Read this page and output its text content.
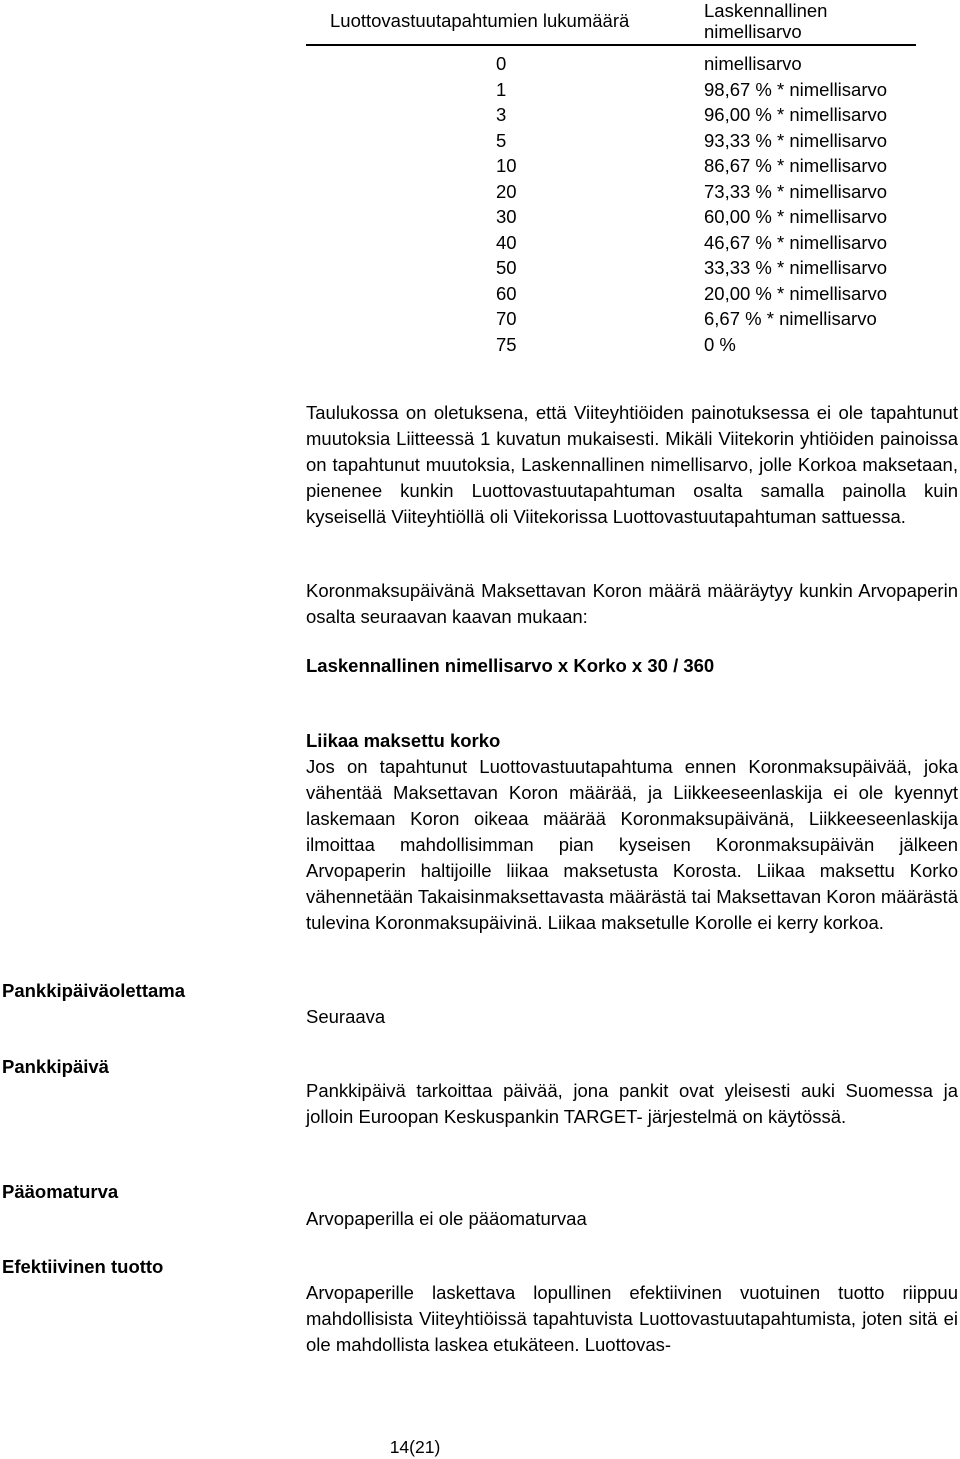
Luottovastuutapahtumien lukumäärä	Laskennallinen nimellisarvo
0	nimellisarvo
1	98,67 % * nimellisarvo
3	96,00 % * nimellisarvo
5	93,33 % * nimellisarvo
10	86,67 % * nimellisarvo
20	73,33 % * nimellisarvo
30	60,00 % * nimellisarvo
40	46,67 % * nimellisarvo
50	33,33 % * nimellisarvo
60	20,00 % * nimellisarvo
70	6,67 % * nimellisarvo
75	0 %

Taulukossa on oletuksena, että Viiteyhtiöiden painotuksessa ei ole tapahtunut muutoksia Liitteessä 1 kuvatun mukaisesti. Mikäli Viitekorin yhtiöiden painoissa on tapahtunut muutoksia, Laskennallinen nimellisarvo, jolle Korkoa maksetaan, pienenee kunkin Luottovastuutapahtuman osalta samalla painolla kuin kyseisellä Viiteyhtiöllä oli Viitekorissa Luottovastuutapahtuman sattuessa.

Koronmaksupäivänä Maksettavan Koron määrä määräytyy kunkin Arvopaperin osalta seuraavan kaavan mukaan:

Laskennallinen nimellisarvo x Korko x 30 / 360

Liikaa maksettu korko

Jos on tapahtunut Luottovastuutapahtuma ennen Koronmaksupäivää, joka vähentää Maksettavan Koron määrää, ja Liikkeeseenlaskija ei ole kyennyt laskemaan Koron oikeaa määrää Koronmaksupäivänä, Liikkeeseenlaskija ilmoittaa mahdollisimman pian kyseisen Koronmaksupäivän jälkeen Arvopaperin haltijoille liikaa maksetusta Korosta. Liikaa maksettu Korko vähennetään Takaisinmaksettavasta määrästä tai Maksettavan Koron määrästä tulevina Koronmaksupäivinä. Liikaa maksetulle Korolle ei kerry korkoa.

Pankkipäiväolettama

Seuraava

Pankkipäivä

Pankkipäivä tarkoittaa päivää, jona pankit ovat yleisesti auki Suomessa ja jolloin Euroopan Keskuspankin TARGET- järjestelmä on käytössä.

Pääomaturva

Arvopaperilla ei ole pääomaturvaa

Efektiivinen tuotto

Arvopaperille laskettava lopullinen efektiivinen vuotuinen tuotto riippuu mahdollisista Viiteyhtiöissä tapahtuvista Luottovastuutapahtumista, joten sitä ei ole mahdollista laskea etukäteen. Luottovas-

14(21)
